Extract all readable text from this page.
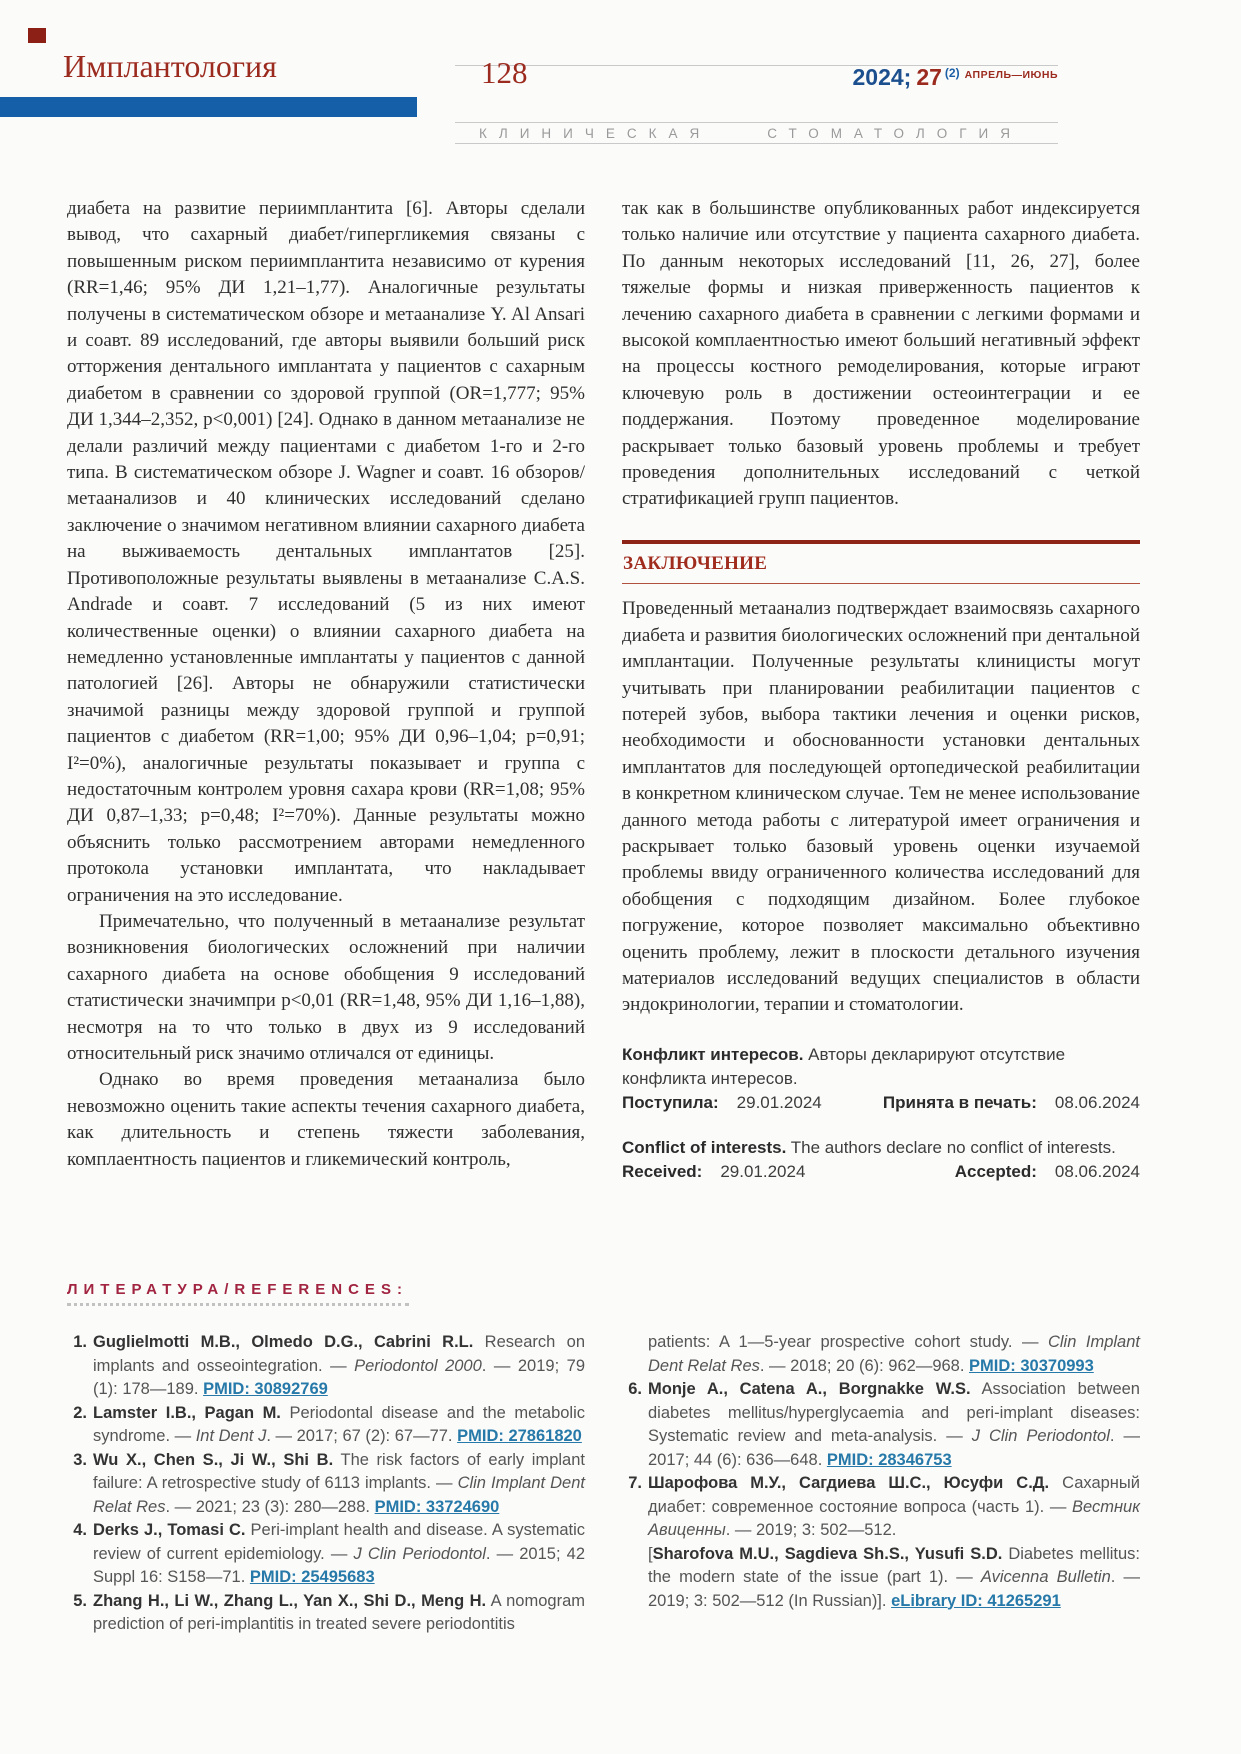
Имплантология	128	2024; 27 $^{(2)}$ $^{АПРЕЛЬ—ИЮНЬ}$
КЛИНИЧЕСКАЯ	СТОМАТОЛОГИЯ

диабета на развитие периимплантита [6]. Авторы сделали вывод, что сахарный диабет/гипергликемия связаны с повышенным риском периимплантита независимо от курения (RR=1,46; 95% ДИ 1,21–1,77). Аналогичные результаты получены в систематическом обзоре и метаанализе Y. Al Ansari и соавт. 89 исследований, где авторы выявили больший риск отторжения дентального имплантата у пациентов с сахарным диабетом в сравнении со здоровой группой (OR=1,777; 95% ДИ 1,344–2,352, p<0,001) [24]. Однако в данном метаанализе не делали различий между пациентами с диабетом 1-го и 2-го типа. В систематическом обзоре J. Wagner и соавт. 16 обзоров/метаанализов и 40 клинических исследований сделано заключение о значимом негативном влиянии сахарного диабета на выживаемость дентальных имплантатов [25]. Противоположные результаты выявлены в метаанализе C.A.S. Andrade и соавт. 7 исследований (5 из них имеют количественные оценки) о влиянии сахарного диабета на немедленно установленные имплантаты у пациентов с данной патологией [26]. Авторы не обнаружили статистически значимой разницы между здоровой группой и группой пациентов с диабетом (RR=1,00; 95% ДИ 0,96–1,04; p=0,91; I²=0%), аналогичные результаты показывает и группа с недостаточным контролем уровня сахара крови (RR=1,08; 95% ДИ 0,87–1,33; p=0,48; I²=70%). Данные результаты можно объяснить только рассмотрением авторами немедленного протокола установки имплантата, что накладывает ограничения на это исследование.

Примечательно, что полученный в метаанализе результат возникновения биологических осложнений при наличии сахарного диабета на основе обобщения 9 исследований статистически значимпри p<0,01 (RR=1,48, 95% ДИ 1,16–1,88), несмотря на то что только в двух из 9 исследований относительный риск значимо отличался от единицы.

Однако во время проведения метаанализа было невозможно оценить такие аспекты течения сахарного диабета, как длительность и степень тяжести заболевания, комплаентность пациентов и гликемический контроль,

так как в большинстве опубликованных работ индексируется только наличие или отсутствие у пациента сахарного диабета. По данным некоторых исследований [11, 26, 27], более тяжелые формы и низкая приверженность пациентов к лечению сахарного диабета в сравнении с легкими формами и высокой комплаентностью имеют больший негативный эффект на процессы костного ремоделирования, которые играют ключевую роль в достижении остеоинтеграции и ее поддержания. Поэтому проведенное моделирование раскрывает только базовый уровень проблемы и требует проведения дополнительных исследований с четкой стратификацией групп пациентов.

ЗАКЛЮЧЕНИЕ

Проведенный метаанализ подтверждает взаимосвязь сахарного диабета и развития биологических осложнений при дентальной имплантации. Полученные результаты клиницисты могут учитывать при планировании реабилитации пациентов с потерей зубов, выбора тактики лечения и оценки рисков, необходимости и обоснованности установки дентальных имплантатов для последующей ортопедической реабилитации в конкретном клиническом случае. Тем не менее использование данного метода работы с литературой имеет ограничения и раскрывает только базовый уровень оценки изучаемой проблемы ввиду ограниченного количества исследований для обобщения с подходящим дизайном. Более глубокое погружение, которое позволяет максимально объективно оценить проблему, лежит в плоскости детального изучения материалов исследований ведущих специалистов в области эндокринологии, терапии и стоматологии.

Конфликт интересов. Авторы декларируют отсутствие конфликта интересов.

Поступила: 29.01.2024	Принята в печать: 08.06.2024

Conflict of interests. The authors declare no conflict of interests.

Received: 29.01.2024	Accepted: 08.06.2024
ЛИТЕРАТУРА/REFERENCES:
1. Guglielmotti M.B., Olmedo D.G., Cabrini R.L. Research on implants and osseointegration. — Periodontol 2000. — 2019; 79 (1): 178—189. PMID: 30892769
2. Lamster I.B., Pagan M. Periodontal disease and the metabolic syndrome. — Int Dent J. — 2017; 67 (2): 67—77. PMID: 27861820
3. Wu X., Chen S., Ji W., Shi B. The risk factors of early implant failure: A retrospective study of 6113 implants. — Clin Implant Dent Relat Res. — 2021; 23 (3): 280—288. PMID: 33724690
4. Derks J., Tomasi C. Peri-implant health and disease. A systematic review of current epidemiology. — J Clin Periodontol. — 2015; 42 Suppl 16: S158—71. PMID: 25495683
5. Zhang H., Li W., Zhang L., Yan X., Shi D., Meng H. A nomogram prediction of peri-implantitis in treated severe periodontitis
patients: A 1—5-year prospective cohort study. — Clin Implant Dent Relat Res. — 2018; 20 (6): 962—968. PMID: 30370993
6. Monje A., Catena A., Borgnakke W.S. Association between diabetes mellitus/hyperglycaemia and peri-implant diseases: Systematic review and meta-analysis. — J Clin Periodontol. — 2017; 44 (6): 636—648. PMID: 28346753
7. Шарофова М.У., Сагдиева Ш.С., Юсуфи С.Д. Сахарный диабет: современное состояние вопроса (часть 1). — Вестник Авиценны. — 2019; 3: 502—512.
[Sharofova M.U., Sagdieva Sh.S., Yusufi S.D. Diabetes mellitus: the modern state of the issue (part 1). — Avicenna Bulletin. — 2019; 3: 502—512 (In Russian)]. eLibrary ID: 41265291
